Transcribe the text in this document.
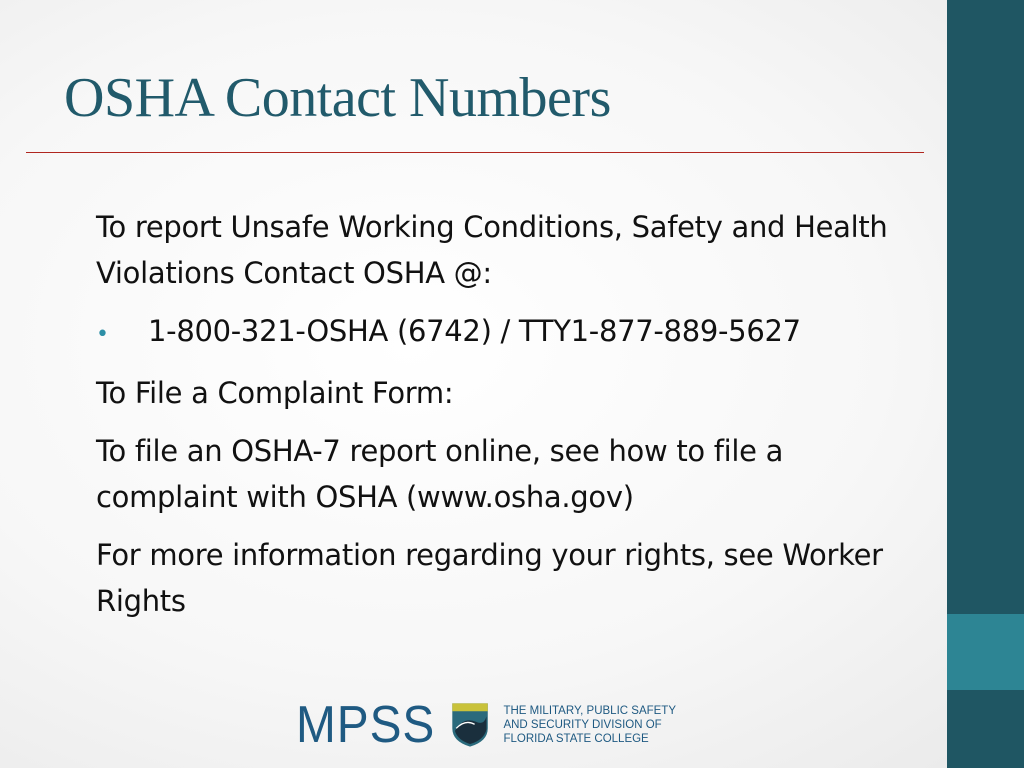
OSHA Contact Numbers

To report Unsafe Working Conditions, Safety and Health Violations Contact OSHA @:

•	1-800-321-OSHA (6742) / TTY1-877-889-5627

To File a Complaint Form:

To file an OSHA-7 report online, see how to file a complaint with OSHA (www.osha.gov)

For more information regarding your rights, see Worker Rights

MPSS	THE MILITARY, PUBLIC SAFETY
AND SECURITY DIVISION OF
FLORIDA STATE COLLEGE
